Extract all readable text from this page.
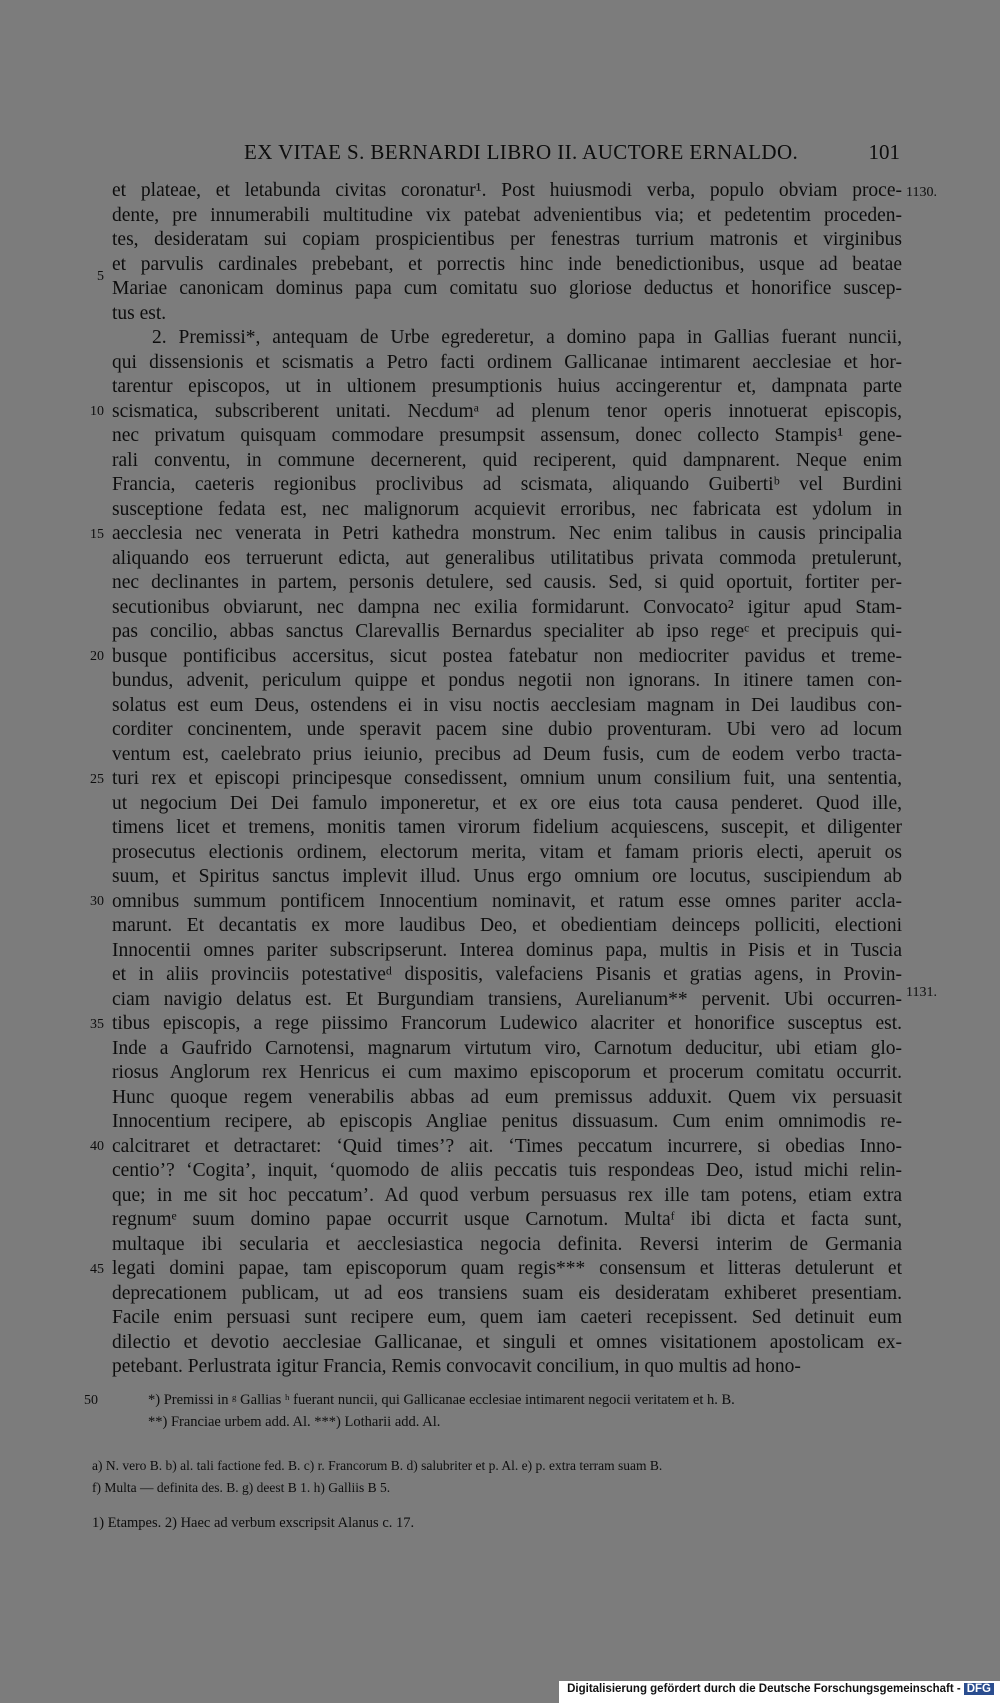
EX VITAE S. BERNARDI LIBRO II. AUCTORE ERNALDO.	101
et plateae, et letabunda civitas coronatur¹. Post huiusmodi verba, populo obviam proce-
dente, pre innumerabili multitudine vix patebat advenientibus via; et pedetentim proceden-
tes, desideratam sui copiam prospicientibus per fenestras turrium matronis et virginibus
et parvulis cardinales prebebant, et porrectis hinc inde benedictionibus, usque ad beatae
Mariae canonicam dominus papa cum comitatu suo gloriose deductus et honorifice suscep-
tus est.
2. Premissi*, antequam de Urbe egrederetur, a domino papa in Gallias fuerant nuncii,
qui dissensionis et scismatis a Petro facti ordinem Gallicanae intimarent aecclesiae et hor-
tarentur episcopos, ut in ultionem presumptionis huius accingerentur et, dampnata parte
scismatica, subscriberent unitati. Necdumᵃ ad plenum tenor operis innotuerat episcopis,
nec privatum quisquam commodare presumpsit assensum, donec collecto Stampis¹ gene-
rali conventu, in commune decernerent, quid reciperent, quid dampnarent. Neque enim
Francia, caeteris regionibus proclivibus ad scismata, aliquando Guibertiᵇ vel Burdini
susceptione fedata est, nec malignorum acquievit erroribus, nec fabricata est ydolum in
aecclesia nec venerata in Petri kathedra monstrum. Nec enim talibus in causis principalia
aliquando eos terruerunt edicta, aut generalibus utilitatibus privata commoda pretulerunt,
nec declinantes in partem, personis detulere, sed causis. Sed, si quid oportuit, fortiter per-
secutionibus obviarunt, nec dampna nec exilia formidarunt. Convocato² igitur apud Stam-
pas concilio, abbas sanctus Clarevallis Bernardus specialiter ab ipso regeᶜ et precipuis qui-
busque pontificibus accersitus, sicut postea fatebatur non mediocriter pavidus et treme-
bundus, advenit, periculum quippe et pondus negotii non ignorans. In itinere tamen con-
solatus est eum Deus, ostendens ei in visu noctis aecclesiam magnam in Dei laudibus con-
corditer concinentem, unde speravit pacem sine dubio proventuram. Ubi vero ad locum
ventum est, caelebrato prius ieiunio, precibus ad Deum fusis, cum de eodem verbo tracta-
turi rex et episcopi principesque consedissent, omnium unum consilium fuit, una sententia,
ut negocium Dei Dei famulo imponeretur, et ex ore eius tota causa penderet. Quod ille,
timens licet et tremens, monitis tamen virorum fidelium acquiescens, suscepit, et diligenter
prosecutus electionis ordinem, electorum merita, vitam et famam prioris electi, aperuit os
suum, et Spiritus sanctus implevit illud. Unus ergo omnium ore locutus, suscipiendum ab
omnibus summum pontificem Innocentium nominavit, et ratum esse omnes pariter accla-
marunt. Et decantatis ex more laudibus Deo, et obedientiam deinceps polliciti, electioni
Innocentii omnes pariter subscripserunt. Interea dominus papa, multis in Pisis et in Tuscia
et in aliis provinciis potestativeᵈ dispositis, valefaciens Pisanis et gratias agens, in Provin-
ciam navigio delatus est. Et Burgundiam transiens, Aurelianum** pervenit. Ubi occurren-
tibus episcopis, a rege piissimo Francorum Ludewico alacriter et honorifice susceptus est.
Inde a Gaufrido Carnotensi, magnarum virtutum viro, Carnotum deducitur, ubi etiam glo-
riosus Anglorum rex Henricus ei cum maximo episcoporum et procerum comitatu occurrit.
Hunc quoque regem venerabilis abbas ad eum premissus adduxit. Quem vix persuasit
Innocentium recipere, ab episcopis Angliae penitus dissuasum. Cum enim omnimodis re-
calcitraret et detractaret: ‘Quid times’? ait. ‘Times peccatum incurrere, si obedias Inno-
centio’? ‘Cogita’, inquit, ‘quomodo de aliis peccatis tuis respondeas Deo, istud michi relin-
que; in me sit hoc peccatum’. Ad quod verbum persuasus rex ille tam potens, etiam extra
regnumᵉ suum domino papae occurrit usque Carnotum. Multaᶠ ibi dicta et facta sunt,
multaque ibi secularia et aecclesiastica negocia definita. Reversi interim de Germania
legati domini papae, tam episcoporum quam regis*** consensum et litteras detulerunt et
deprecationem publicam, ut ad eos transiens suam eis desideratam exhiberet presentiam.
Facile enim persuasi sunt recipere eum, quem iam caeteri recepissent. Sed detinuit eum
dilectio et devotio aecclesiae Gallicanae, et singuli et omnes visitationem apostolicam ex-
petebant. Perlustrata igitur Francia, Remis convocavit concilium, in quo multis ad hono-
5
10
15
20
25
30
35
40
45
1130.
1131.
50	*) Premissi in ᵍ Gallias ʰ fuerant nuncii, qui Gallicanae ecclesiae intimarent negocii veritatem et h. B.
**) Franciae urbem add. Al. ***) Lotharii add. Al.
a) N. vero B. b) al. tali factione fed. B. c) r. Francorum B. d) salubriter et p. Al. e) p. extra terram suam B.
f) Multa — definita des. B. g) deest B 1. h) Galliis B 5.
1) Etampes. 2) Haec ad verbum exscripsit Alanus c. 17.
Digitalisierung gefördert durch die Deutsche Forschungsgemeinschaft - DFG
